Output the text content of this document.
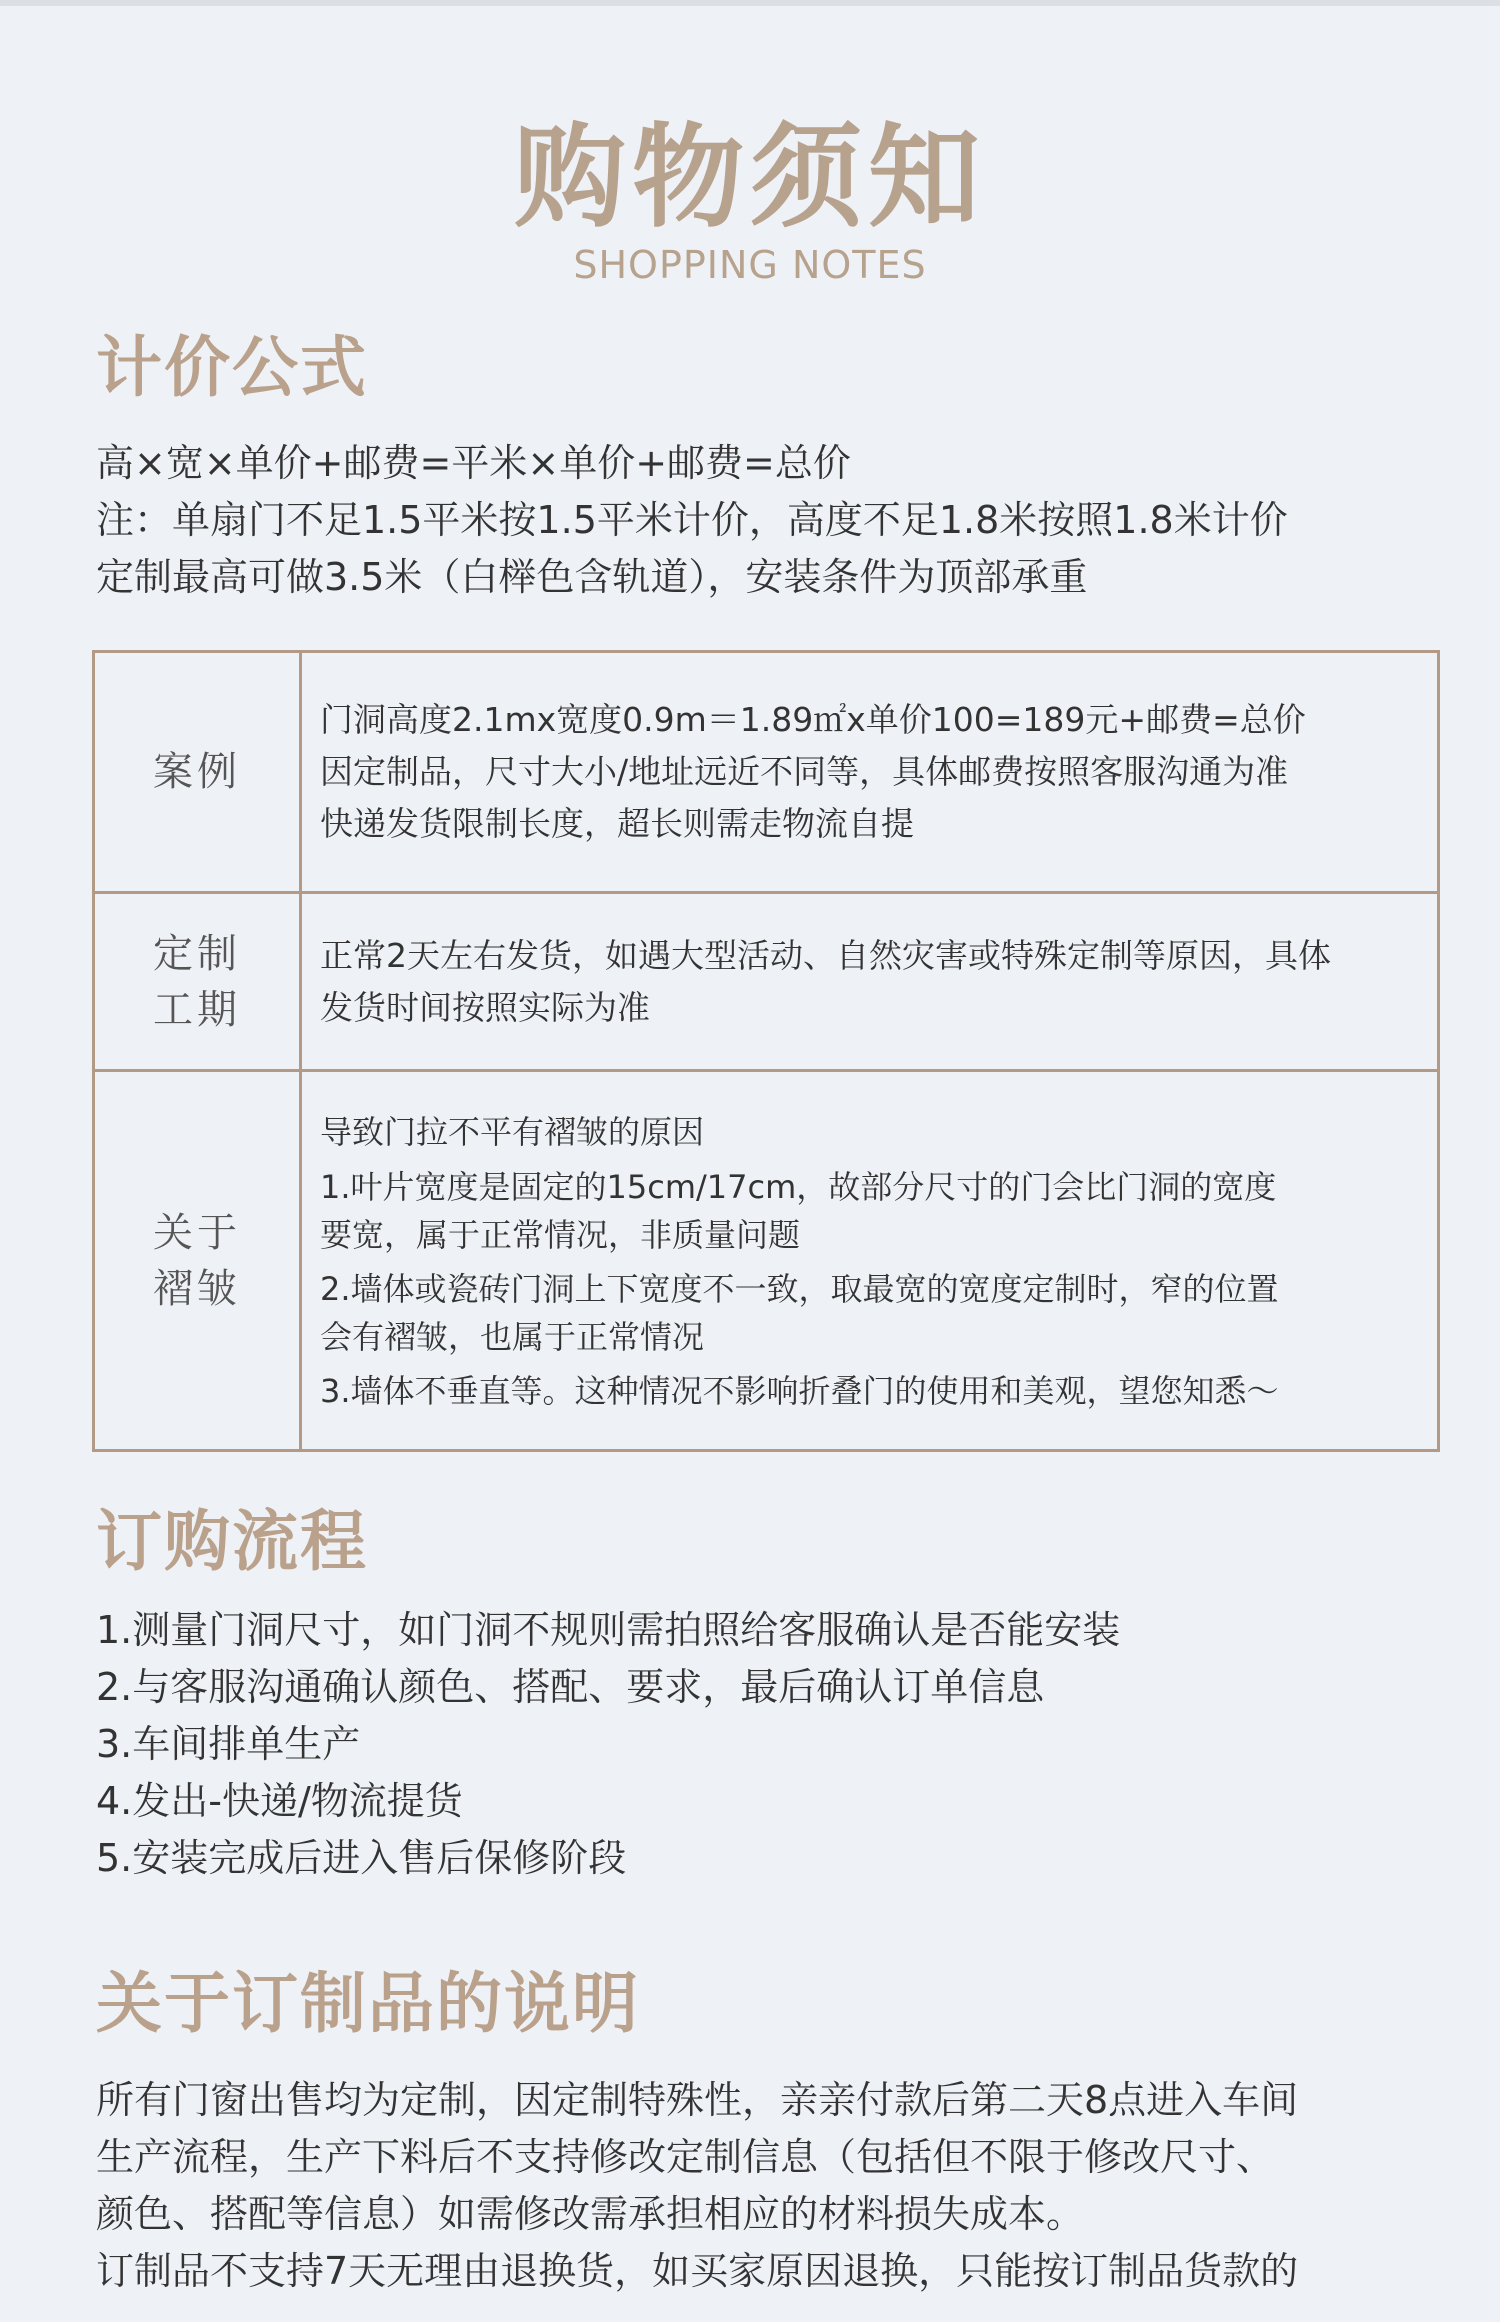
购物须知
SHOPPING NOTES
计价公式
高×宽×单价+邮费=平米×单价+邮费=总价
注：单扇门不足1.5平米按1.5平米计价，高度不足1.8米按照1.8米计价
定制最高可做3.5米（白榉色含轨道），安装条件为顶部承重
案例
门洞高度2.1mx宽度0.9m＝1.89㎡x单价100=189元+邮费=总价
因定制品，尺寸大小/地址远近不同等，具体邮费按照客服沟通为准
快递发货限制长度，超长则需走物流自提
定制
工期
正常2天左右发货，如遇大型活动、自然灾害或特殊定制等原因，具体
发货时间按照实际为准
关于
褶皱
导致门拉不平有褶皱的原因
1.叶片宽度是固定的15cm/17cm，故部分尺寸的门会比门洞的宽度
要宽，属于正常情况，非质量问题
2.墙体或瓷砖门洞上下宽度不一致，取最宽的宽度定制时，窄的位置
会有褶皱，也属于正常情况
3.墙体不垂直等。这种情况不影响折叠门的使用和美观，望您知悉～
订购流程
1.测量门洞尺寸，如门洞不规则需拍照给客服确认是否能安装
2.与客服沟通确认颜色、搭配、要求，最后确认订单信息
3.车间排单生产
4.发出-快递/物流提货
5.安装完成后进入售后保修阶段
关于订制品的说明
所有门窗出售均为定制，因定制特殊性，亲亲付款后第二天8点进入车间
生产流程，生产下料后不支持修改定制信息（包括但不限于修改尺寸、
颜色、搭配等信息）如需修改需承担相应的材料损失成本。
订制品不支持7天无理由退换货，如买家原因退换，只能按订制品货款的
